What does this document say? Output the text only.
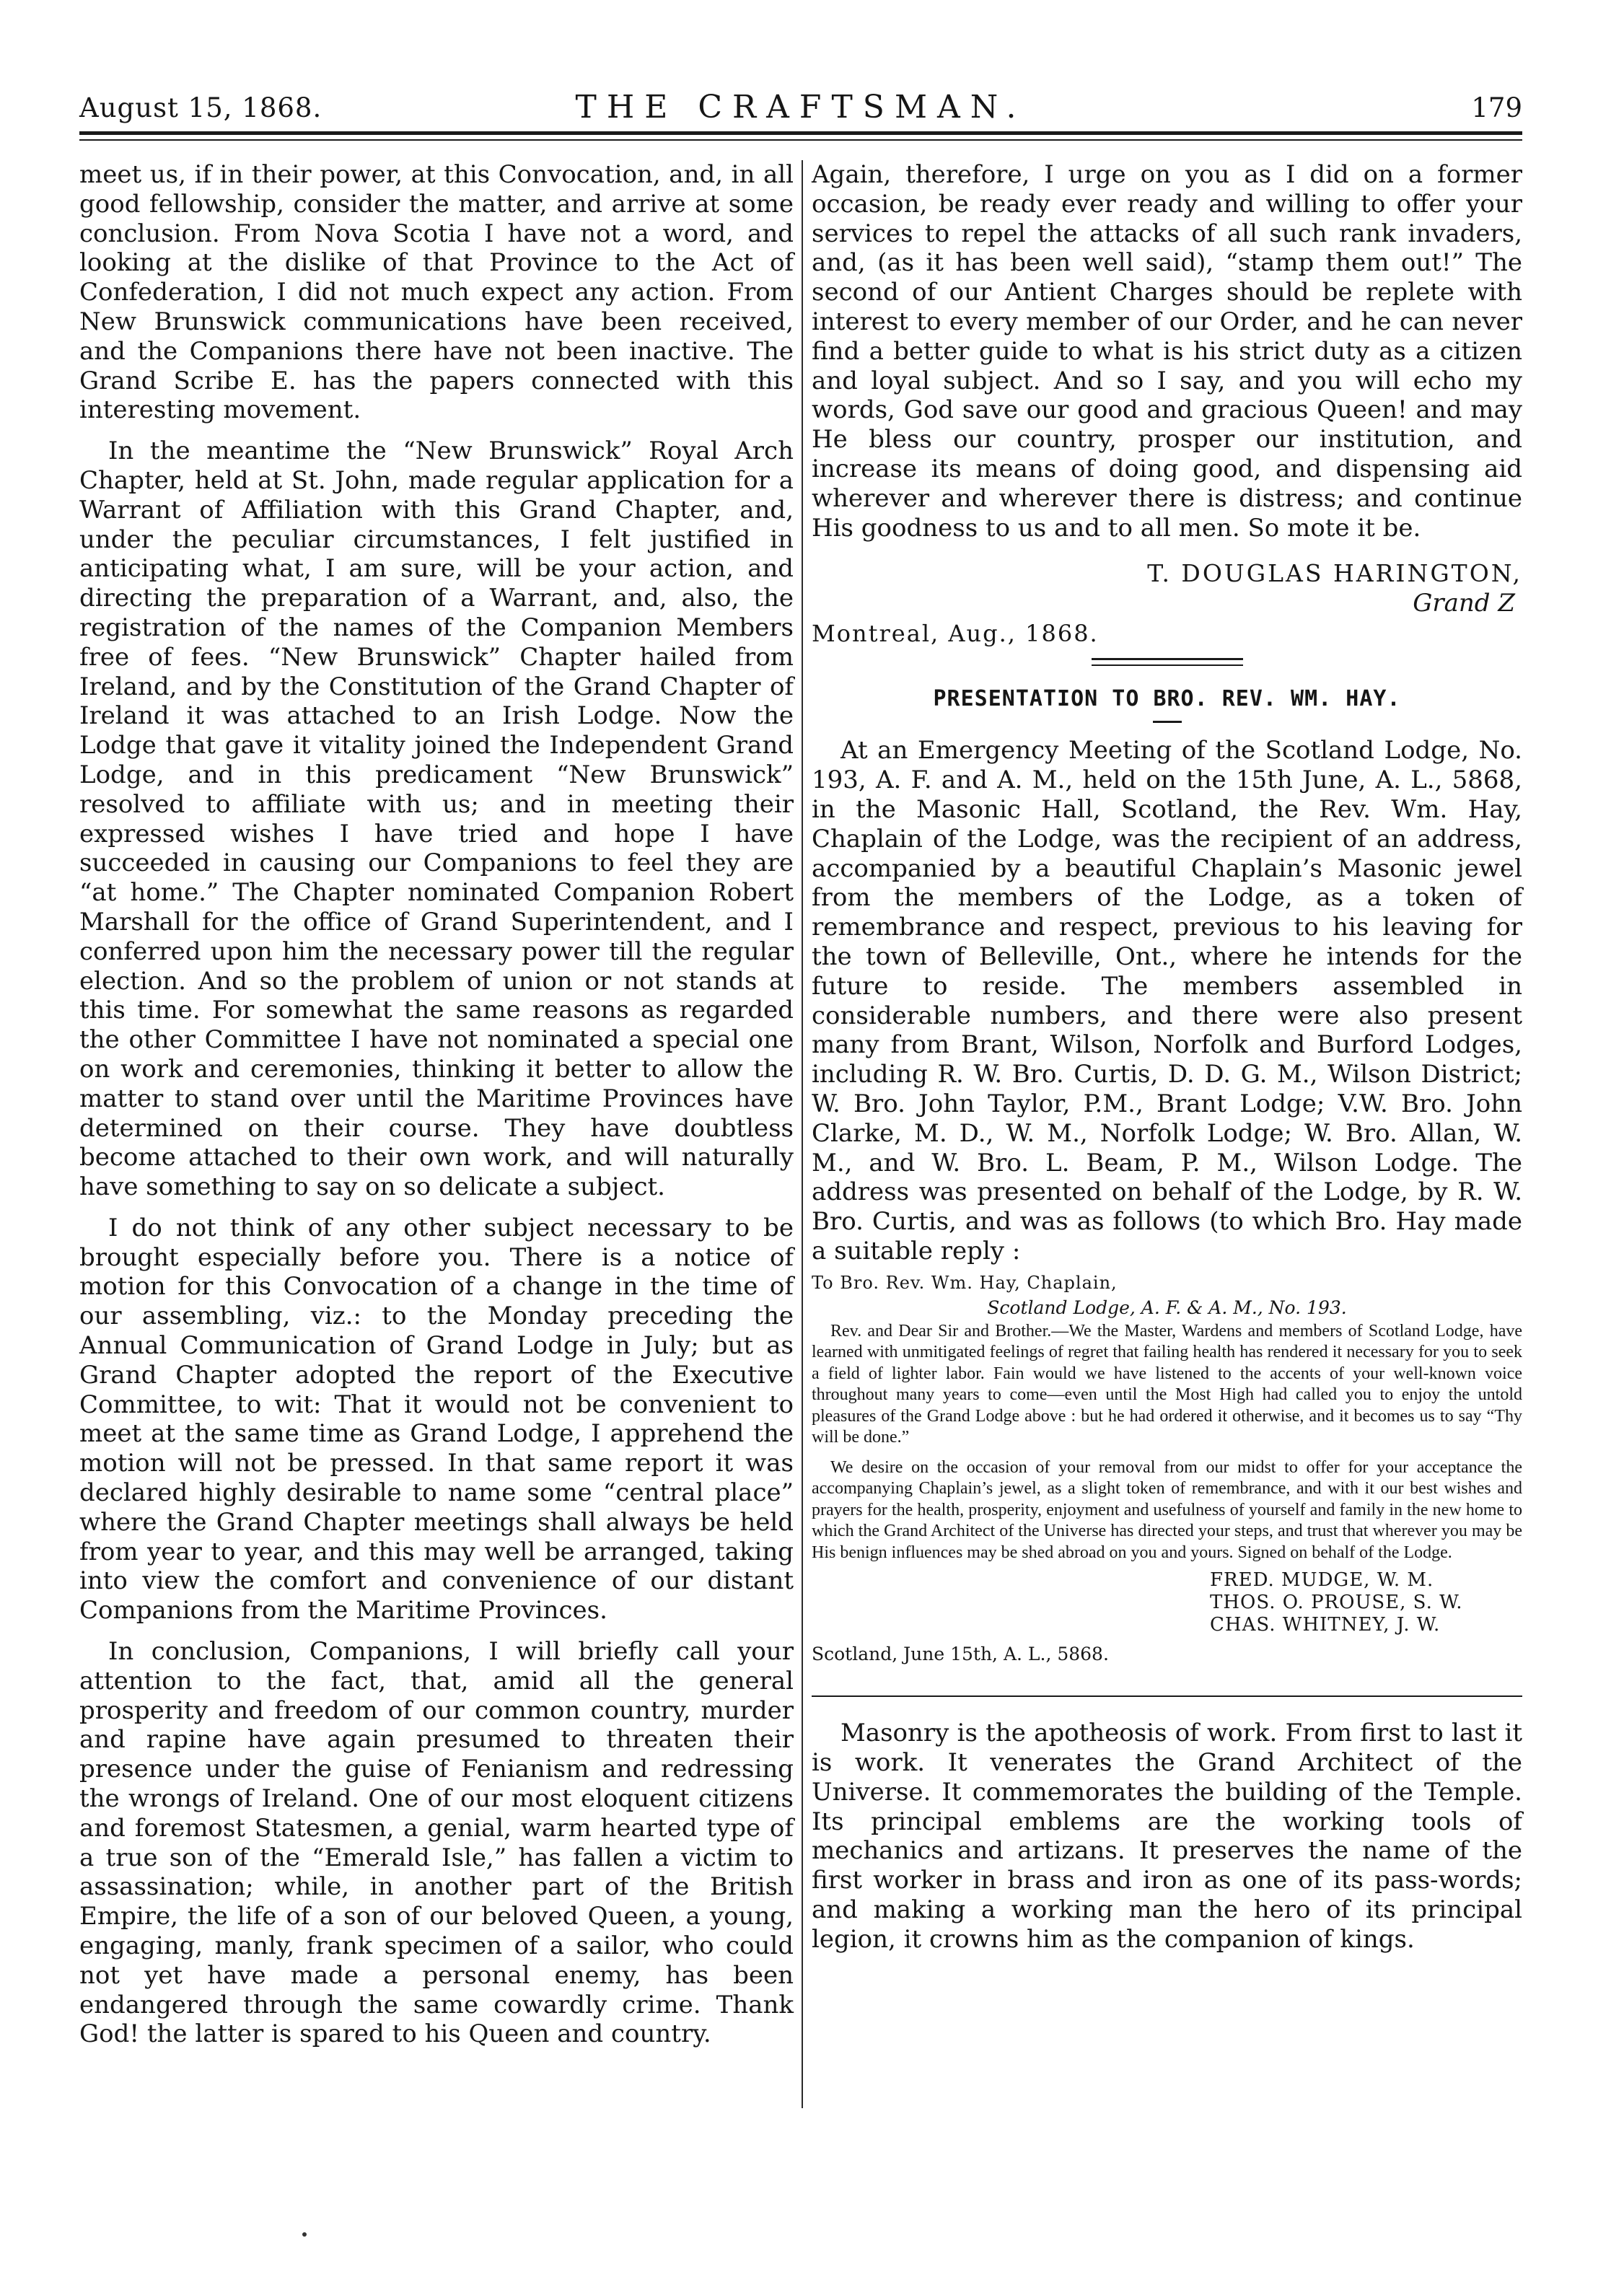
August 15, 1868.	THE CRAFTSMAN.	179

meet us, if in their power, at this Convocation, and, in all good fellowship, consider the matter, and arrive at some conclusion. From Nova Scotia I have not a word, and looking at the dislike of that Province to the Act of Confederation, I did not much expect any action. From New Brunswick communications have been received, and the Companions there have not been inactive. The Grand Scribe E. has the papers connected with this interesting movement.

In the meantime the “New Brunswick” Royal Arch Chapter, held at St. John, made regular application for a Warrant of Affiliation with this Grand Chapter, and, under the peculiar circumstances, I felt justified in anticipating what, I am sure, will be your action, and directing the preparation of a Warrant, and, also, the registration of the names of the Companion Members free of fees. “New Brunswick” Chapter hailed from Ireland, and by the Constitution of the Grand Chapter of Ireland it was attached to an Irish Lodge. Now the Lodge that gave it vitality joined the Independent Grand Lodge, and in this predicament “New Brunswick” resolved to affiliate with us; and in meeting their expressed wishes I have tried and hope I have succeeded in causing our Companions to feel they are “at home.” The Chapter nominated Companion Robert Marshall for the office of Grand Superintendent, and I conferred upon him the necessary power till the regular election. And so the problem of union or not stands at this time. For somewhat the same reasons as regarded the other Committee I have not nominated a special one on work and ceremonies, thinking it better to allow the matter to stand over until the Maritime Provinces have determined on their course. They have doubtless become attached to their own work, and will naturally have something to say on so delicate a subject.

I do not think of any other subject necessary to be brought especially before you. There is a notice of motion for this Convocation of a change in the time of our assembling, viz.: to the Monday preceding the Annual Communication of Grand Lodge in July; but as Grand Chapter adopted the report of the Executive Committee, to wit: That it would not be convenient to meet at the same time as Grand Lodge, I apprehend the motion will not be pressed. In that same report it was declared highly desirable to name some “central place” where the Grand Chapter meetings shall always be held from year to year, and this may well be arranged, taking into view the comfort and convenience of our distant Companions from the Maritime Provinces.

In conclusion, Companions, I will briefly call your attention to the fact, that, amid all the general prosperity and freedom of our common country, murder and rapine have again presumed to threaten their presence under the guise of Fenianism and redressing the wrongs of Ireland. One of our most eloquent citizens and foremost Statesmen, a genial, warm hearted type of a true son of the “Emerald Isle,” has fallen a victim to assassination; while, in another part of the British Empire, the life of a son of our beloved Queen, a young, engaging, manly, frank specimen of a sailor, who could not yet have made a personal enemy, has been endangered through the same cowardly crime. Thank God! the latter is spared to his Queen and country.

Again, therefore, I urge on you as I did on a former occasion, be ready ever ready and willing to offer your services to repel the attacks of all such rank invaders, and, (as it has been well said), “stamp them out!” The second of our Antient Charges should be replete with interest to every member of our Order, and he can never find a better guide to what is his strict duty as a citizen and loyal subject. And so I say, and you will echo my words, God save our good and gracious Queen! and may He bless our country, prosper our institution, and increase its means of doing good, and dispensing aid wherever and wherever there is distress; and continue His goodness to us and to all men. So mote it be.

T. DOUGLAS HARINGTON,
Grand Z
Montreal, Aug., 1868.
PRESENTATION TO BRO. REV. WM. HAY.

At an Emergency Meeting of the Scotland Lodge, No. 193, A. F. and A. M., held on the 15th June, A. L., 5868, in the Masonic Hall, Scotland, the Rev. Wm. Hay, Chaplain of the Lodge, was the recipient of an address, accompanied by a beautiful Chaplain’s Masonic jewel from the members of the Lodge, as a token of remembrance and respect, previous to his leaving for the town of Belleville, Ont., where he intends for the future to reside. The members assembled in considerable numbers, and there were also present many from Brant, Wilson, Norfolk and Burford Lodges, including R. W. Bro. Curtis, D. D. G. M., Wilson District; W. Bro. John Taylor, P.M., Brant Lodge; V.W. Bro. John Clarke, M. D., W. M., Norfolk Lodge; W. Bro. Allan, W. M., and W. Bro. L. Beam, P. M., Wilson Lodge. The address was presented on behalf of the Lodge, by R. W. Bro. Curtis, and was as follows (to which Bro. Hay made a suitable reply :

To Bro. Rev. Wm. Hay, Chaplain,
Scotland Lodge, A. F. & A. M., No. 193.

Rev. and Dear Sir and Brother.—We the Master, Wardens and members of Scotland Lodge, have learned with unmitigated feelings of regret that failing health has rendered it necessary for you to seek a field of lighter labor. Fain would we have listened to the accents of your well-known voice throughout many years to come—even until the Most High had called you to enjoy the untold pleasures of the Grand Lodge above : but he had ordered it otherwise, and it becomes us to say “Thy will be done.”

We desire on the occasion of your removal from our midst to offer for your acceptance the accompanying Chaplain’s jewel, as a slight token of remembrance, and with it our best wishes and prayers for the health, prosperity, enjoyment and usefulness of yourself and family in the new home to which the Grand Architect of the Universe has directed your steps, and trust that wherever you may be His benign influences may be shed abroad on you and yours. Signed on behalf of the Lodge.

FRED. MUDGE, W. M.
THOS. O. PROUSE, S. W.
CHAS. WHITNEY, J. W.
Scotland, June 15th, A. L., 5868.

Masonry is the apotheosis of work. From first to last it is work. It venerates the Grand Architect of the Universe. It commemorates the building of the Temple. Its principal emblems are the working tools of mechanics and artizans. It preserves the name of the first worker in brass and iron as one of its pass-words; and making a working man the hero of its principal legion, it crowns him as the companion of kings.
